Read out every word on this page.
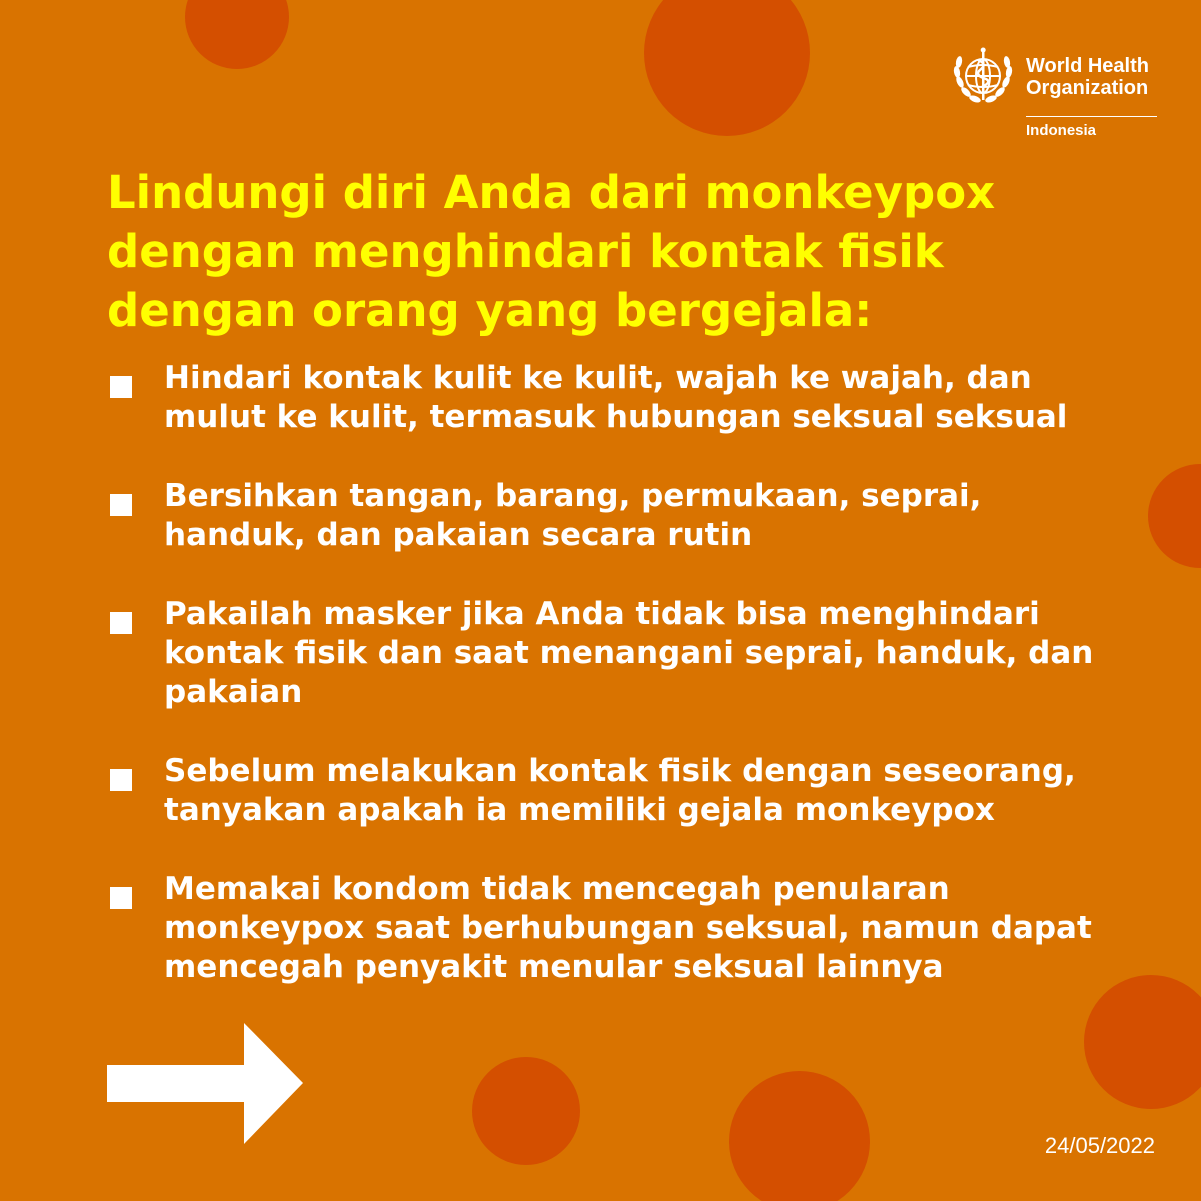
World Health
Organization
Indonesia
Lindungi diri Anda dari monkeypox
dengan menghindari kontak fisik
dengan orang yang bergejala:
Hindari kontak kulit ke kulit, wajah ke wajah, dan
mulut ke kulit, termasuk hubungan seksual seksual
Bersihkan tangan, barang, permukaan, seprai,
handuk, dan pakaian secara rutin
Pakailah masker jika Anda tidak bisa menghindari
kontak fisik dan saat menangani seprai, handuk, dan
pakaian
Sebelum melakukan kontak fisik dengan seseorang,
tanyakan apakah ia memiliki gejala monkeypox
Memakai kondom tidak mencegah penularan
monkeypox saat berhubungan seksual, namun dapat
mencegah penyakit menular seksual lainnya
24/05/2022
